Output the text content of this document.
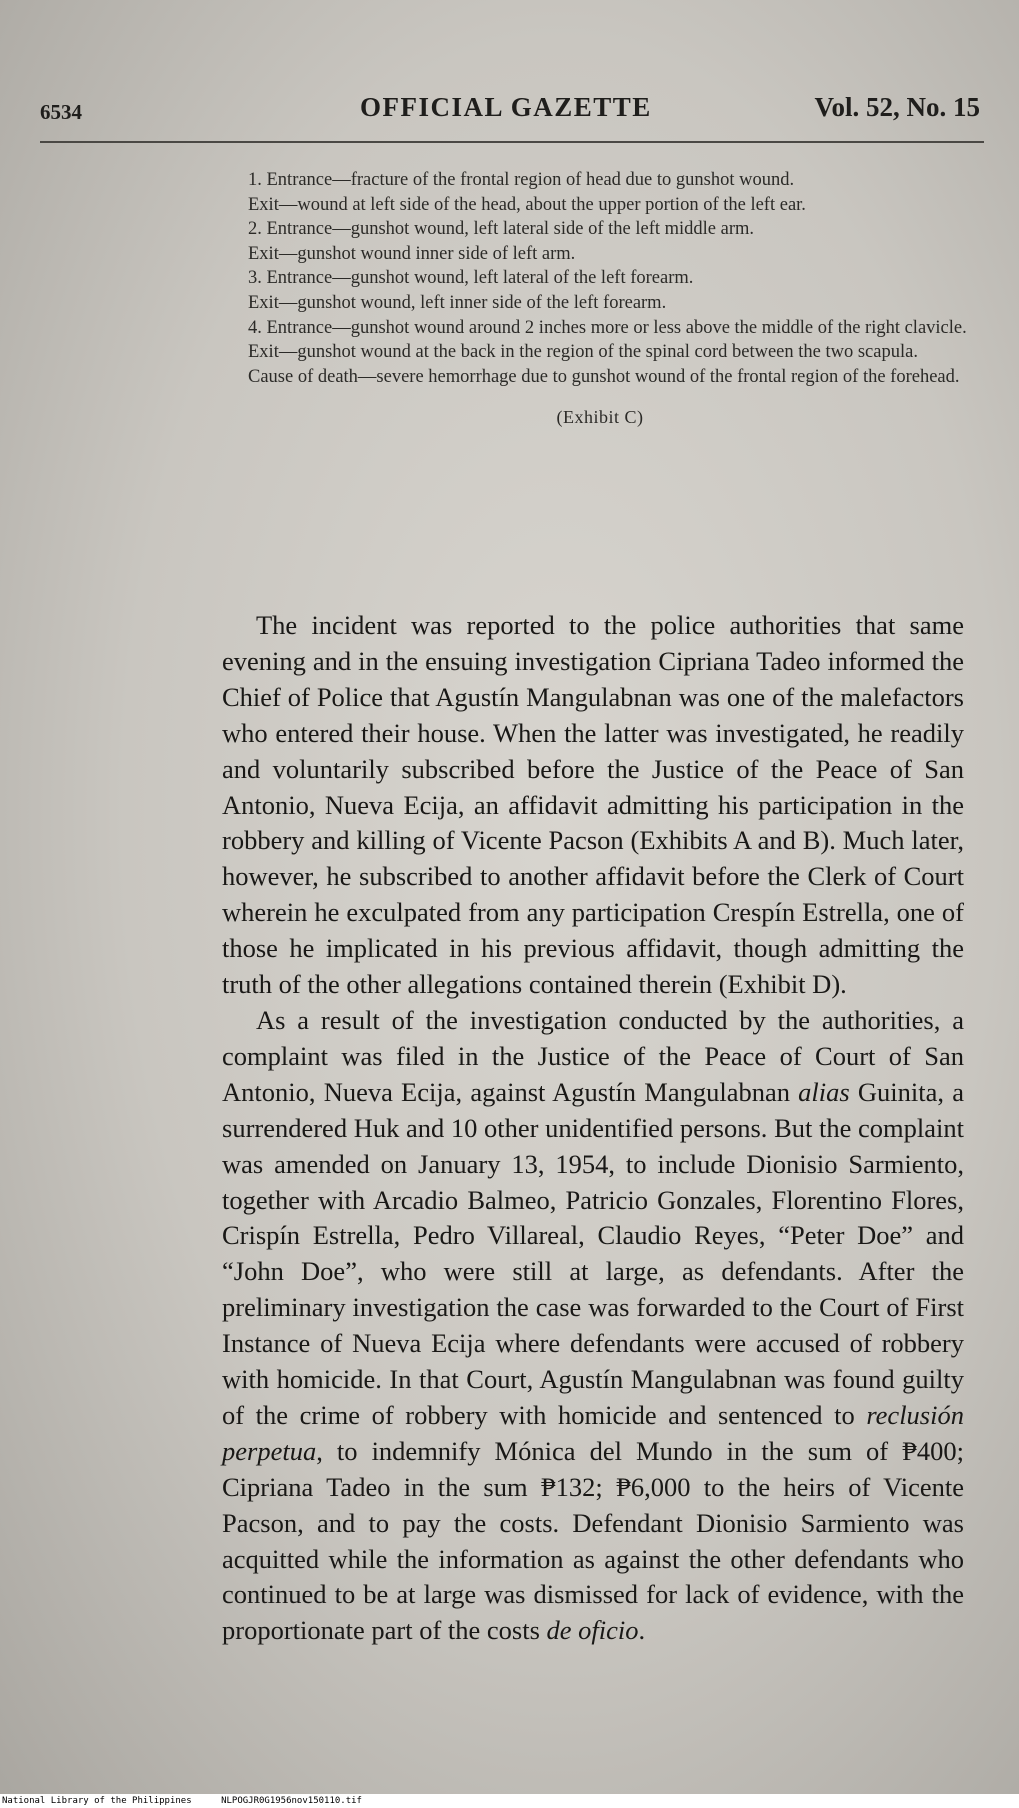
6534	OFFICIAL GAZETTE	Vol. 52, No. 15

1. Entrance—fracture of the frontal region of head due to gunshot wound.

Exit—wound at left side of the head, about the upper portion of the left ear.

2. Entrance—gunshot wound, left lateral side of the left middle arm.

Exit—gunshot wound inner side of left arm.

3. Entrance—gunshot wound, left lateral of the left forearm.

Exit—gunshot wound, left inner side of the left forearm.

4. Entrance—gunshot wound around 2 inches more or less above the middle of the right clavicle.

Exit—gunshot wound at the back in the region of the spinal cord between the two scapula.

Cause of death—severe hemorrhage due to gunshot wound of the frontal region of the forehead.

(Exhibit C)

The incident was reported to the police authorities that same evening and in the ensuing investigation Cipriana Tadeo informed the Chief of Police that Agustín Mangulabnan was one of the malefactors who entered their house. When the latter was investigated, he readily and voluntarily subscribed before the Justice of the Peace of San Antonio, Nueva Ecija, an affidavit admitting his participation in the robbery and killing of Vicente Pacson (Exhibits A and B). Much later, however, he subscribed to another affidavit before the Clerk of Court wherein he exculpated from any participation Crespín Estrella, one of those he implicated in his previous affidavit, though admitting the truth of the other allegations contained therein (Exhibit D).

As a result of the investigation conducted by the authorities, a complaint was filed in the Justice of the Peace of Court of San Antonio, Nueva Ecija, against Agustín Mangulabnan alias Guinita, a surrendered Huk and 10 other unidentified persons. But the complaint was amended on January 13, 1954, to include Dionisio Sarmiento, together with Arcadio Balmeo, Patricio Gonzales, Florentino Flores, Crispín Estrella, Pedro Villareal, Claudio Reyes, “Peter Doe” and “John Doe”, who were still at large, as defendants. After the preliminary investigation the case was forwarded to the Court of First Instance of Nueva Ecija where defendants were accused of robbery with homicide. In that Court, Agustín Mangulabnan was found guilty of the crime of robbery with homicide and sentenced to reclusión perpetua, to indemnify Mónica del Mundo in the sum of ₱400; Cipriana Tadeo in the sum ₱132; ₱6,000 to the heirs of Vicente Pacson, and to pay the costs. Defendant Dionisio Sarmiento was acquitted while the information as against the other defendants who continued to be at large was dismissed for lack of evidence, with the proportionate part of the costs de oficio.

National Library of the Philippines	NLPOGJR0G1956nov150110.tif
